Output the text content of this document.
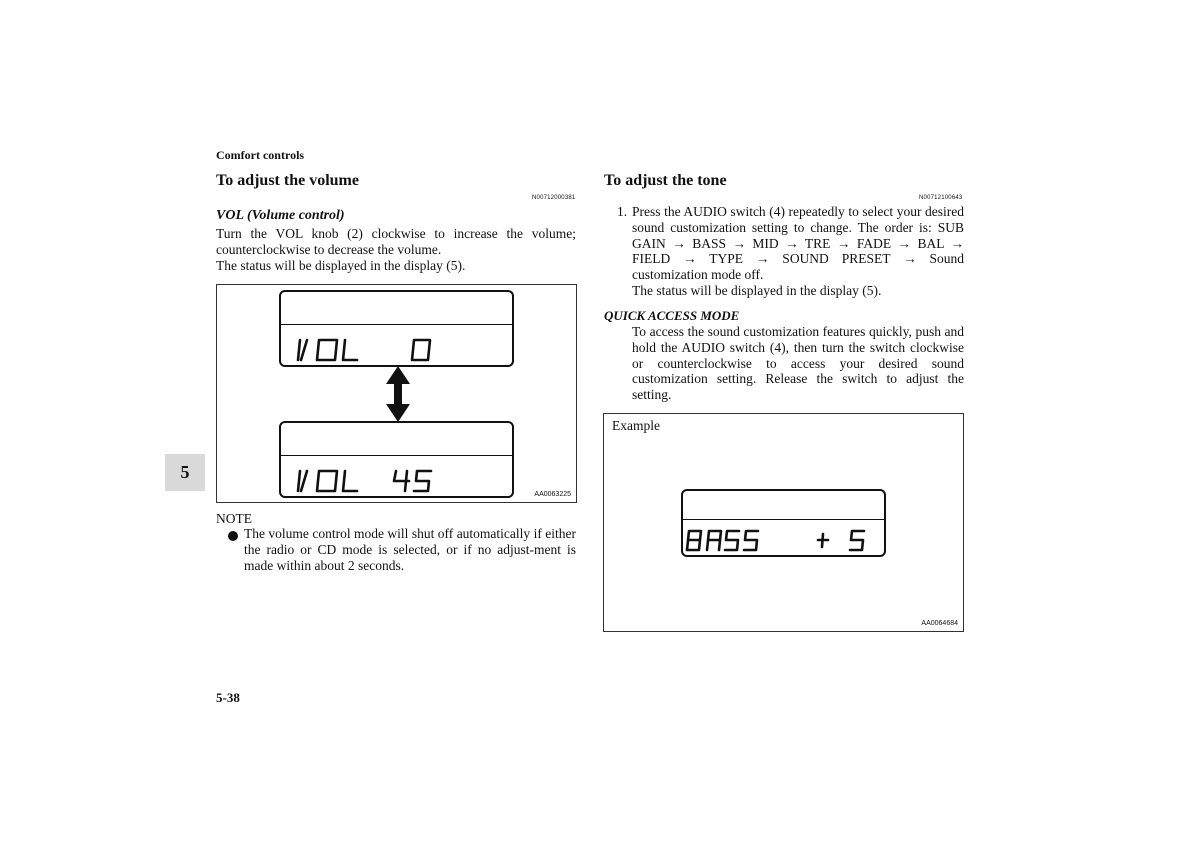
Comfort controls
To adjust the volume
N00712000381
VOL (Volume control)
Turn the VOL knob (2) clockwise to increase the volume; counterclockwise to decrease the volume.
The status will be displayed in the display (5).
AA0063225
NOTE
The volume control mode will shut off automatically if either the radio or CD mode is selected, or if no adjust-ment is made within about 2 seconds.
To adjust the tone
N00712100643
1. Press the AUDIO switch (4) repeatedly to select your desired sound customization setting to change. The order is: SUB GAIN → BASS → MID → TRE → FADE → BAL → FIELD → TYPE → SOUND PRESET → Sound customization mode off.
The status will be displayed in the display (5).
QUICK ACCESS MODE
To access the sound customization features quickly, push and hold the AUDIO switch (4), then turn the switch clockwise or counterclockwise to access your desired sound customization setting. Release the switch to adjust the setting.
Example
AA0064684
5
5-38
